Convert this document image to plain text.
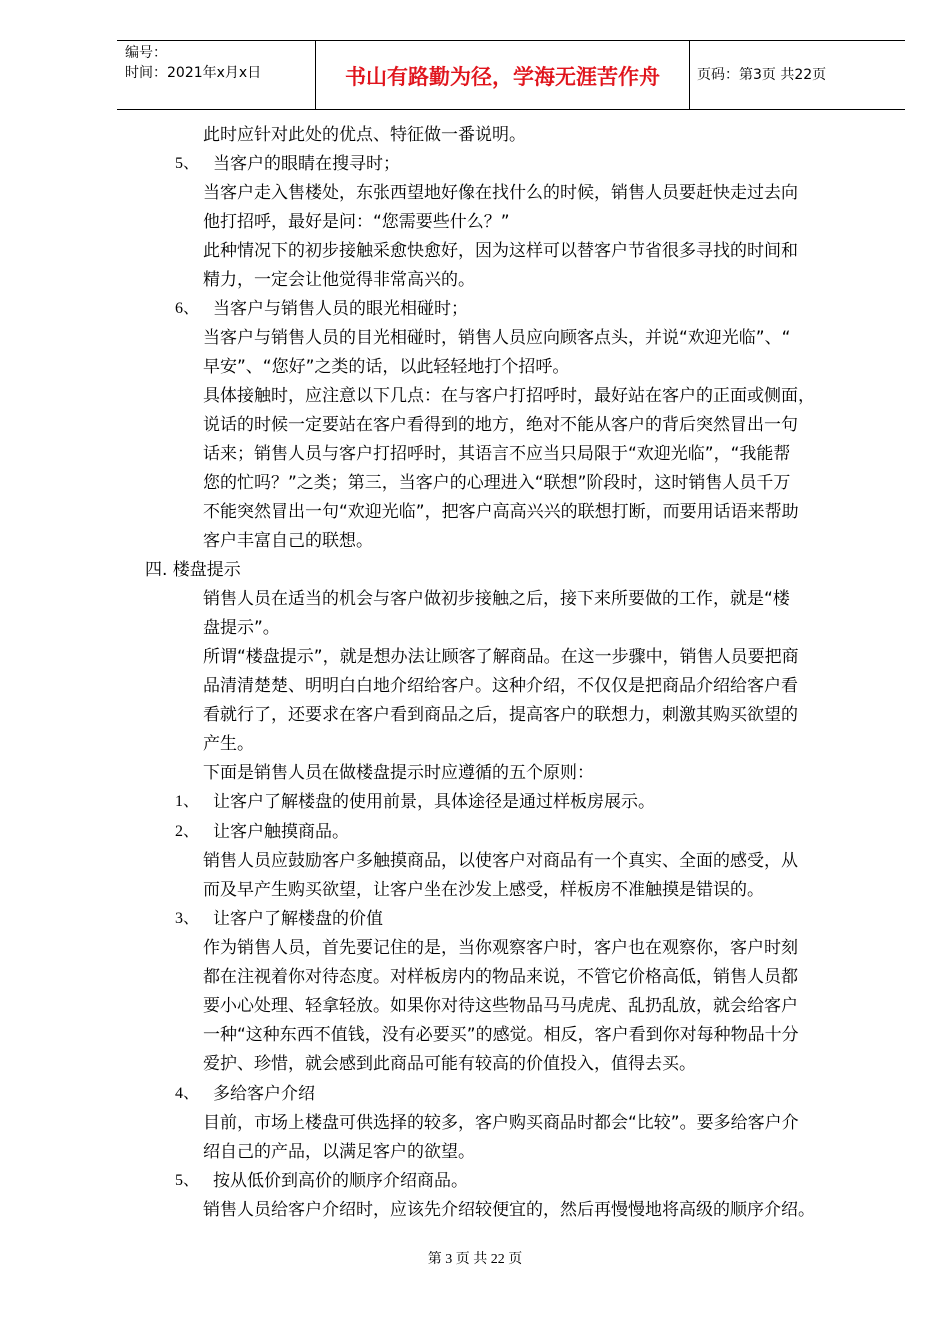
编号：
时间：2021年x月x日	书山有路勤为径，学海无涯苦作舟	页码：第3页 共22页
此时应针对此处的优点、特征做一番说明。
5、 当客户的眼睛在搜寻时；
当客户走入售楼处，东张西望地好像在找什么的时候，销售人员要赶快走过去向
他打招呼，最好是问：“您需要些什么？”
此种情况下的初步接触采愈快愈好，因为这样可以替客户节省很多寻找的时间和
精力，一定会让他觉得非常高兴的。
6、 当客户与销售人员的眼光相碰时；
当客户与销售人员的目光相碰时，销售人员应向顾客点头，并说“欢迎光临”、“
早安”、“您好”之类的话，以此轻轻地打个招呼。
具体接触时，应注意以下几点：在与客户打招呼时，最好站在客户的正面或侧面，
说话的时候一定要站在客户看得到的地方，绝对不能从客户的背后突然冒出一句
话来；销售人员与客户打招呼时，其语言不应当只局限于“欢迎光临”，“我能帮
您的忙吗？”之类；第三，当客户的心理进入“联想”阶段时，这时销售人员千万
不能突然冒出一句“欢迎光临”，把客户高高兴兴的联想打断，而要用话语来帮助
客户丰富自己的联想。
四. 楼盘提示
销售人员在适当的机会与客户做初步接触之后，接下来所要做的工作，就是“楼
盘提示”。
所谓“楼盘提示”，就是想办法让顾客了解商品。在这一步骤中，销售人员要把商
品清清楚楚、明明白白地介绍给客户。这种介绍，不仅仅是把商品介绍给客户看
看就行了，还要求在客户看到商品之后，提高客户的联想力，刺激其购买欲望的
产生。
下面是销售人员在做楼盘提示时应遵循的五个原则：
1、 让客户了解楼盘的使用前景，具体途径是通过样板房展示。
2、 让客户触摸商品。
销售人员应鼓励客户多触摸商品，以使客户对商品有一个真实、全面的感受，从
而及早产生购买欲望，让客户坐在沙发上感受，样板房不准触摸是错误的。
3、 让客户了解楼盘的价值
作为销售人员，首先要记住的是，当你观察客户时，客户也在观察你，客户时刻
都在注视着你对待态度。对样板房内的物品来说，不管它价格高低，销售人员都
要小心处理、轻拿轻放。如果你对待这些物品马马虎虎、乱扔乱放，就会给客户
一种“这种东西不值钱，没有必要买”的感觉。相反，客户看到你对每种物品十分
爱护、珍惜，就会感到此商品可能有较高的价值投入，值得去买。
4、 多给客户介绍
目前，市场上楼盘可供选择的较多，客户购买商品时都会“比较”。要多给客户介
绍自己的产品，以满足客户的欲望。
5、 按从低价到高价的顺序介绍商品。
销售人员给客户介绍时，应该先介绍较便宜的，然后再慢慢地将高级的顺序介绍。
第 3 页 共 22 页
